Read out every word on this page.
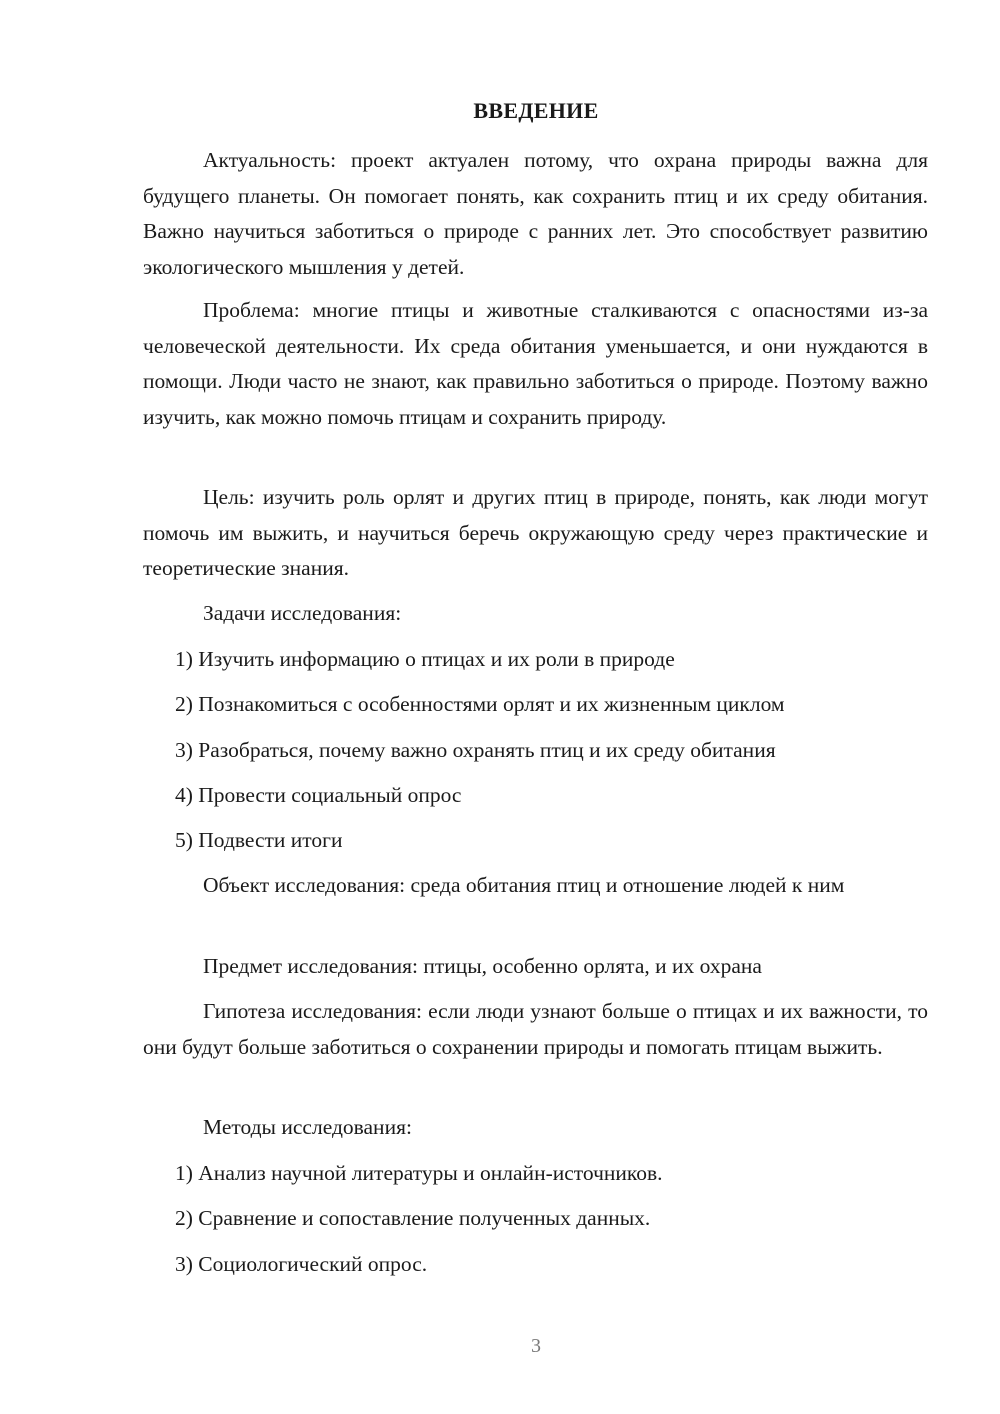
ВВЕДЕНИЕ

Актуальность: проект актуален потому, что охрана природы важна для будущего планеты. Он помогает понять, как сохранить птиц и их среду обитания. Важно научиться заботиться о природе с ранних лет. Это способствует развитию экологического мышления у детей.

Проблема: многие птицы и животные сталкиваются с опасностями из-за человеческой деятельности. Их среда обитания уменьшается, и они нуждаются в помощи. Люди часто не знают, как правильно заботиться о природе. Поэтому важно изучить, как можно помочь птицам и сохранить природу.

Цель: изучить роль орлят и других птиц в природе, понять, как люди могут помочь им выжить, и научиться беречь окружающую среду через практические и теоретические знания.

Задачи исследования:

1) Изучить информацию о птицах и их роли в природе

2) Познакомиться с особенностями орлят и их жизненным циклом

3) Разобраться, почему важно охранять птиц и их среду обитания

4) Провести социальный опрос

5) Подвести итоги

Объект исследования: среда обитания птиц и отношение людей к ним

Предмет исследования: птицы, особенно орлята, и их охрана

Гипотеза исследования: если люди узнают больше о птицах и их важности, то они будут больше заботиться о сохранении природы и помогать птицам выжить.

Методы исследования:

1) Анализ научной литературы и онлайн-источников.

2) Сравнение и сопоставление полученных данных.

3) Социологический опрос.

3
